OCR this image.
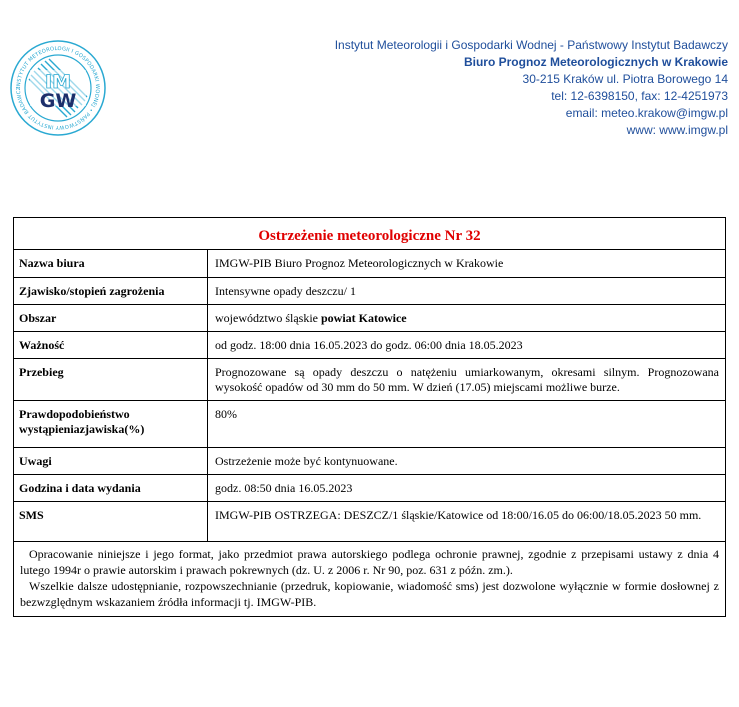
INSTYTUT METEOROLOGII I GOSPODARKI WODNEJ • PAŃSTWOWY INSTYTUT BADAWCZ	IM
GW
Instytut Meteorologii i Gospodarki Wodnej - Państwowy Instytut Badawczy
Biuro Prognoz Meteorologicznych w Krakowie
30-215 Kraków ul. Piotra Borowego 14
tel: 12-6398150, fax: 12-4251973
email: meteo.krakow@imgw.pl
www: www.imgw.pl
Ostrzeżenie meteorologiczne Nr 32
Nazwa biura	IMGW-PIB Biuro Prognoz Meteorologicznych w Krakowie
Zjawisko/stopień zagrożenia	Intensywne opady deszczu/ 1
Obszar	województwo śląskie powiat Katowice
Ważność	od godz. 18:00 dnia 16.05.2023 do godz. 06:00 dnia 18.05.2023
Przebieg	Prognozowane są opady deszczu o natężeniu umiarkowanym, okresami silnym. Prognozowana wysokość opadów od 30 mm do 50 mm. W dzień (17.05) miejscami możliwe burze.
Prawdopodobieństwo wystąpieniazjawiska(%)	80%
Uwagi	Ostrzeżenie może być kontynuowane.
Godzina i data wydania	godz. 08:50 dnia 16.05.2023
SMS	IMGW-PIB OSTRZEGA: DESZCZ/1 śląskie/Katowice od 18:00/16.05 do 06:00/18.05.2023 50 mm.

Opracowanie niniejsze i jego format, jako przedmiot prawa autorskiego podlega ochronie prawnej, zgodnie z przepisami ustawy z dnia 4 lutego 1994r o prawie autorskim i prawach pokrewnych (dz. U. z 2006 r. Nr 90, poz. 631 z późn. zm.).

Wszelkie dalsze udostępnianie, rozpowszechnianie (przedruk, kopiowanie, wiadomość sms) jest dozwolone wyłącznie w formie dosłownej z bezwzględnym wskazaniem źródła informacji tj. IMGW-PIB.
